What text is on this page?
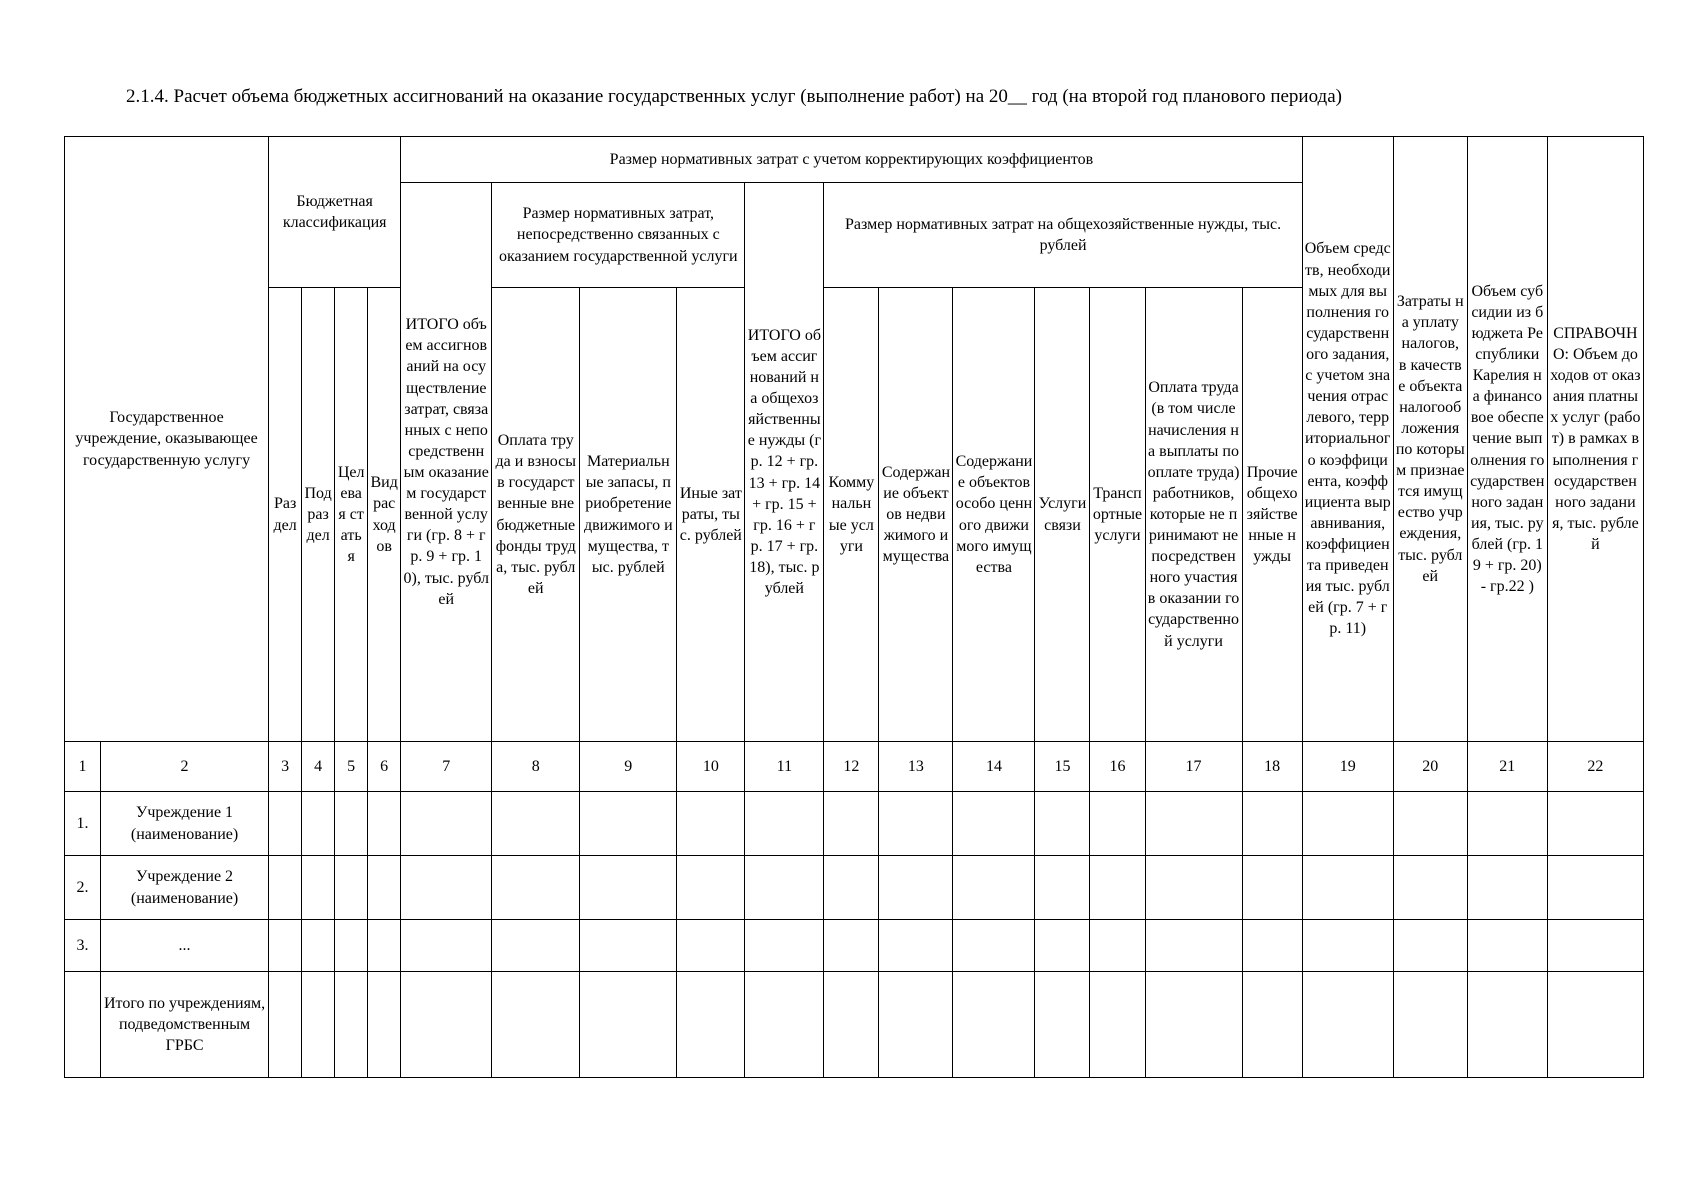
2.1.4. Расчет объема бюджетных ассигнований на оказание государственных услуг (выполнение работ) на 20__ год (на второй год планового периода)
Государственное учреждение, оказывающее государственную услугу		Бюджетная классификация				Размер нормативных затрат с учетом корректирующих коэффициентов												Объем средств, необходимых для выполнения государственного задания, с учетом значения отраслевого, территориального коэффициента, коэффициента выравнивания, коэффициента приведения тыс. рублей (гр. 7 + гр. 11)	Затраты на уплату налогов, в качестве объекта налогообложения по которым признается имущество учреждения, тыс. рублей	Объем субсидии из бюджета Республики Карелия на финансовое обеспечение выполнения государственного задания, тыс. рублей (гр. 19 + гр. 20) - гр.22 )	СПРАВОЧНО: Объем доходов от оказания платных услуг (работ) в рамках выполнения государственного задания, тыс. рублей
						ИТОГО объем ассигнований на осуществление затрат, связанных с непосредственным оказанием государственной услуги (гр. 8 + гр. 9 + гр. 10), тыс. рублей	Размер нормативных затрат, непосредственно связанных с оказанием государственной услуги			ИТОГО объем ассигнований на общехозяйственные нужды (гр. 12 + гр. 13 + гр. 14 + гр. 15 + гр. 16 + гр. 17 + гр. 18), тыс. рублей	Размер нормативных затрат на общехозяйственные нужды, тыс. рублей										
		Раздел	Подраздел	Целевая статья	Вид расходов		Оплата труда и взносы в государственные внебюджетные фонды труда, тыс. рублей	Материальные запасы, приобретение движимого имущества, тыс. рублей	Иные затраты, тыс. рублей		Коммунальные услуги	Содержание объектов недвижимого имущества	Содержание объектов особо ценного движимого имущества	Услуги связи	Транспортные услуги	Оплата труда (в том числе начисления на выплаты по оплате труда) работников, которые не принимают непосредственного участия в оказании государственной услуги	Прочие общехозяйственные нужды				

1	2	3	4	5	6	7	8	9	10	11	12	13	14	15	16	17	18	19	20	21	22
1.	Учреждение 1 (наименование)																				
2.	Учреждение 2 (наименование)																				
3.	...																				
	Итого по учреждениям, подведомственным ГРБС																				
